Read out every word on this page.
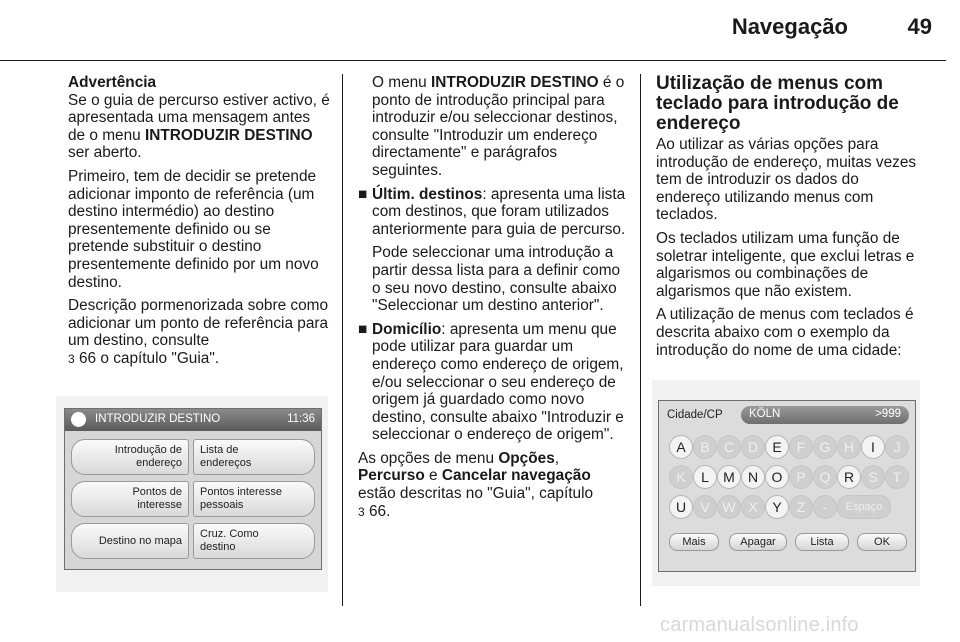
Navegação	49

Advertência

Se o guia de percurso estiver activo, é apresentada uma mensagem antes de o menu INTRODUZIR DESTINO ser aberto.

Primeiro, tem de decidir se pretende adicionar imponto de referência (um destino intermédio) ao destino presentemente definido ou se pretende substituir o destino presentemente definido por um novo destino.

Descrição pormenorizada sobre como adicionar um ponto de referência para um destino, consulte
3 66 o capítulo "Guia".

INTRODUZIR DESTINO	11:36
Introdução de
endereço
Lista de
endereços
Pontos de
interesse
Pontos interesse
pessoais
Destino no mapa
Cruz. Como
destino

O menu INTRODUZIR DESTINO é o ponto de introdução principal para introduzir e/ou seleccionar destinos, consulte "Introduzir um endereço directamente" e parágrafos seguintes.

■ Últim. destinos: apresenta uma lista com destinos, que foram utilizados anteriormente para guia de percurso.

Pode seleccionar uma introdução a partir dessa lista para a definir como o seu novo destino, consulte abaixo "Seleccionar um destino anterior".

■ Domicílio: apresenta um menu que pode utilizar para guardar um endereço como endereço de origem, e/ou seleccionar o seu endereço de origem já guardado como novo destino, consulte abaixo "Introduzir e seleccionar o endereço de origem".

As opções de menu Opções,
Percurso e Cancelar navegação
estão descritas no "Guia", capítulo
3 66.

Utilização de menus com teclado para introdução de endereço

Ao utilizar as várias opções para introdução de endereço, muitas vezes tem de introduzir os dados do endereço utilizando menus com teclados.

Os teclados utilizam uma função de soletrar inteligente, que exclui letras e algarismos ou combinações de algarismos que não existem.

A utilização de menus com teclados é descrita abaixo com o exemplo da introdução do nome de uma cidade:

Cidade/CP KÖLN	>999
A	B	C D	E	F	G H	I	J
K	L	M N O P Q R	S	T
U	V W X	Y	Z	-	Espaço
Mais	Apagar	Lista	OK
carmanualsonline.info
